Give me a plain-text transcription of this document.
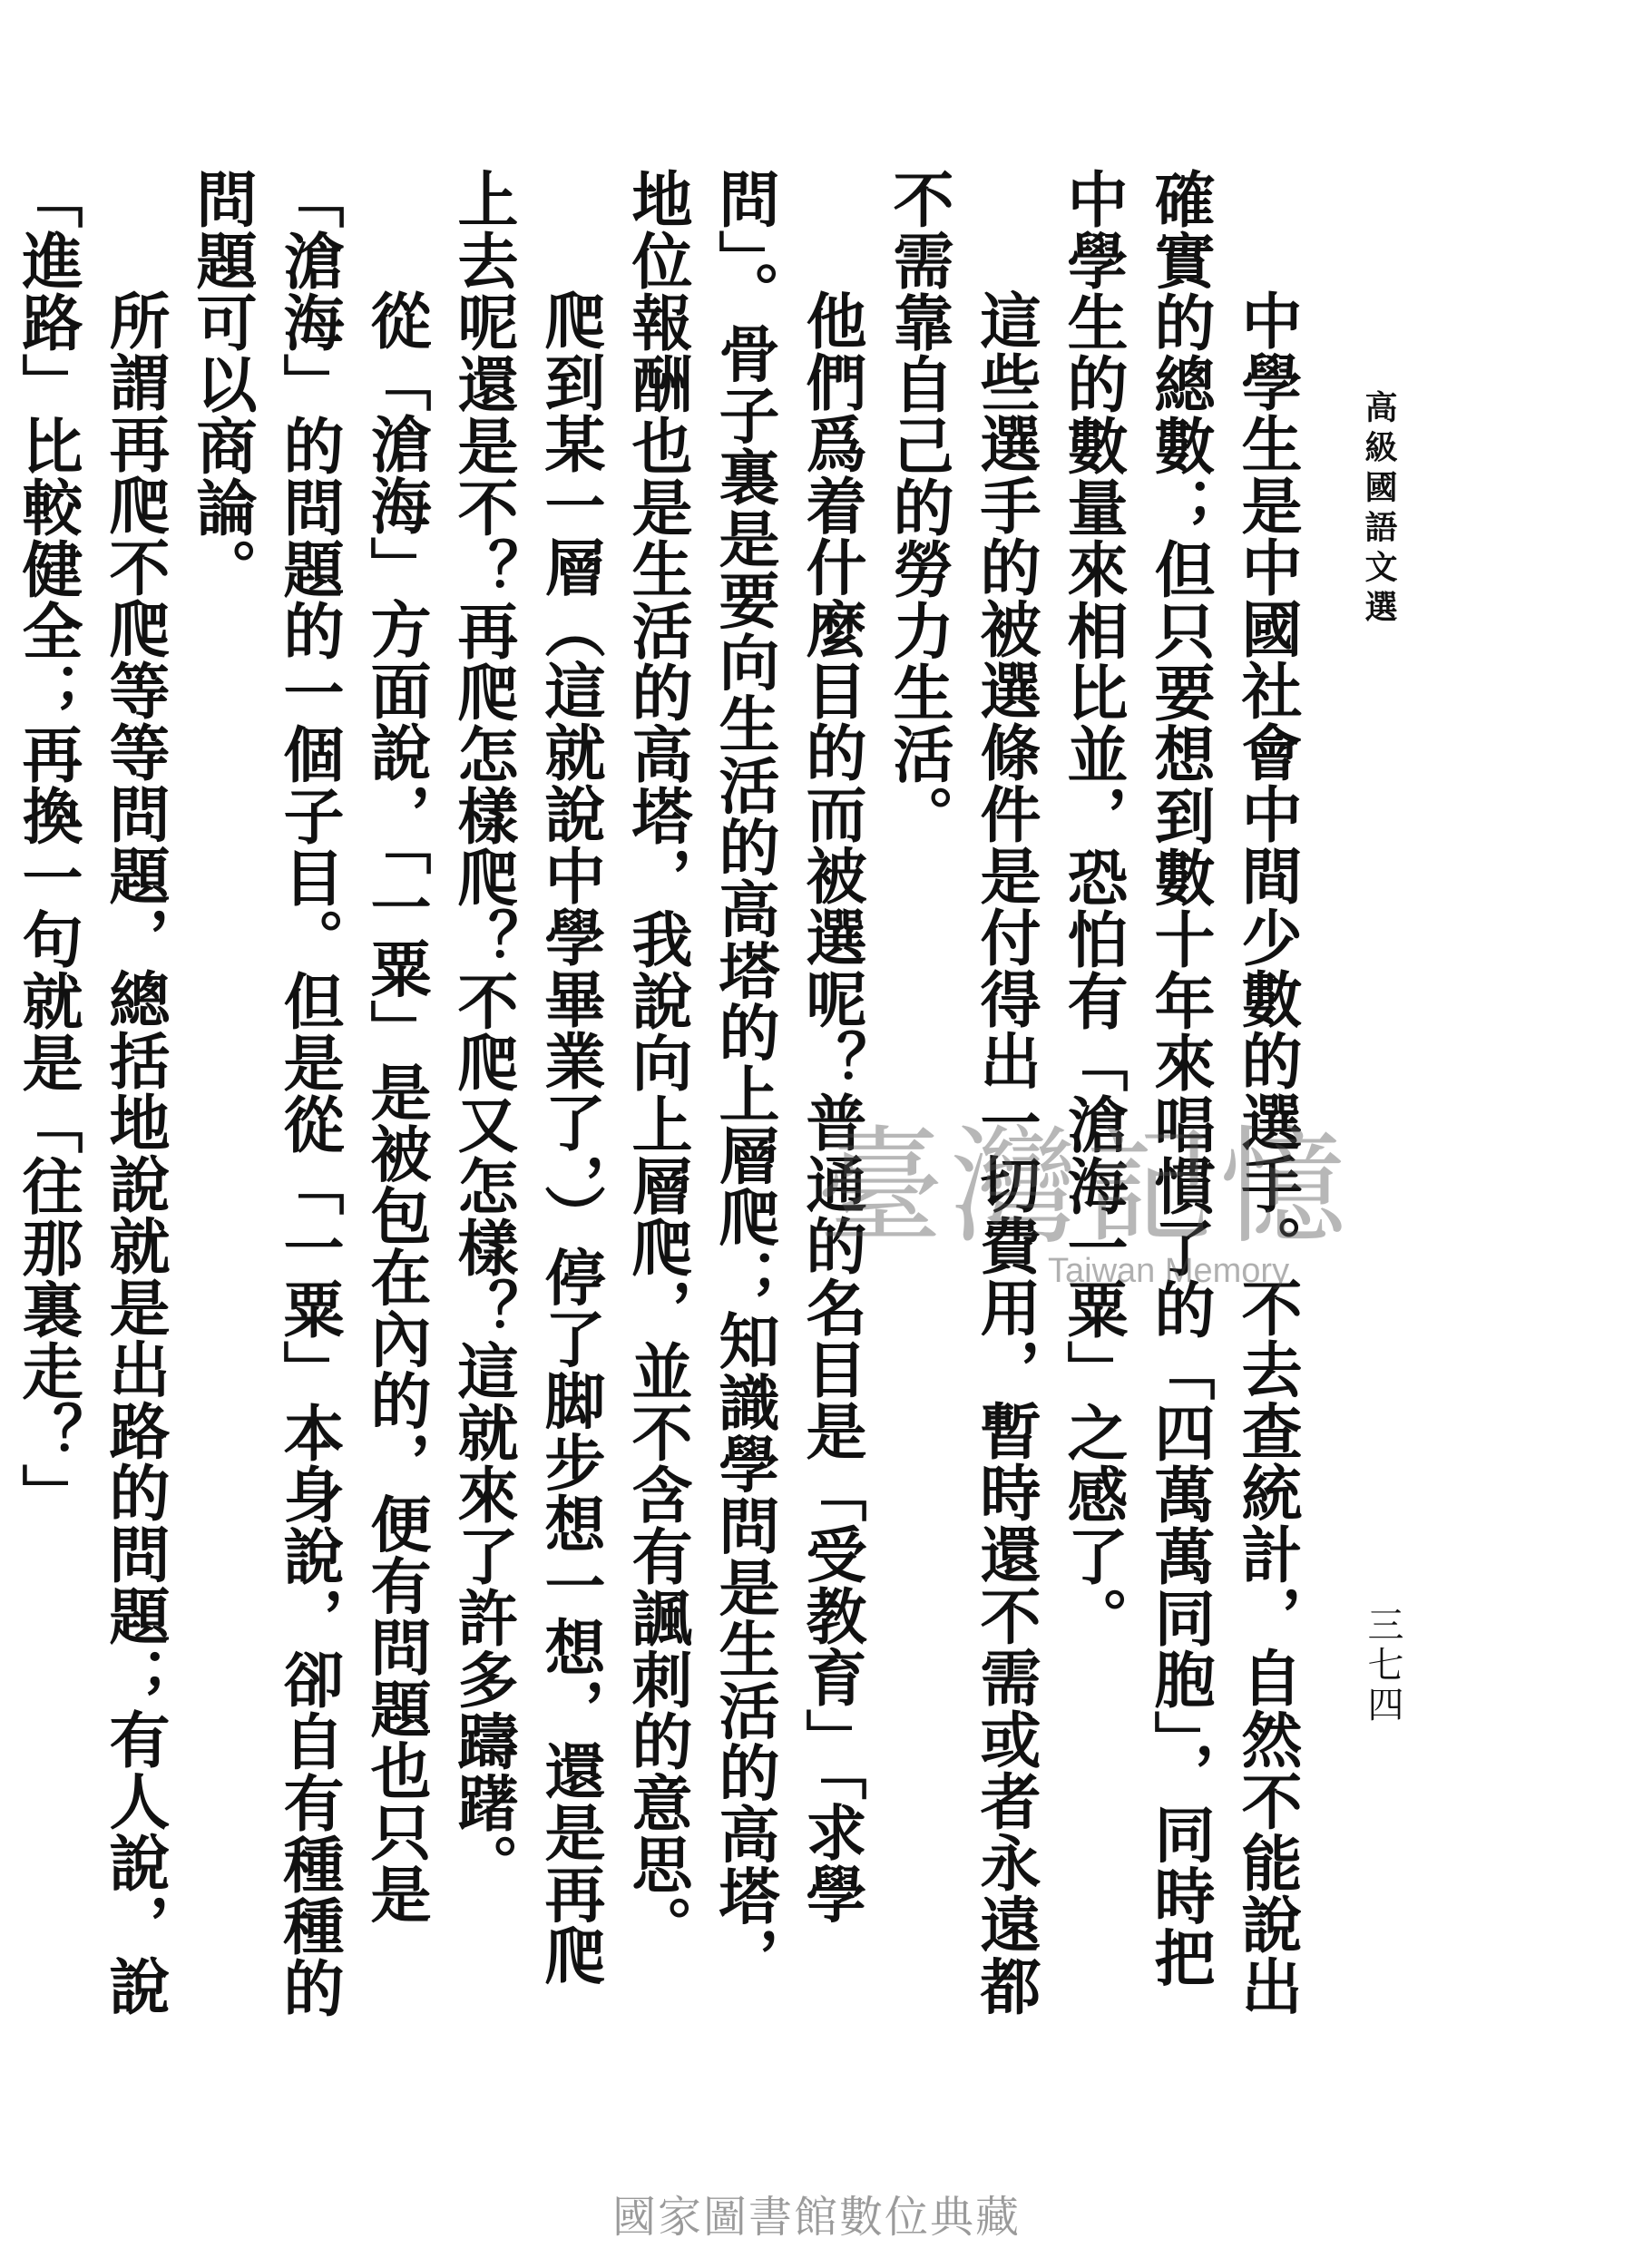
高級國語文選
三七四

中學生是中國社會中間少數的選手。不去查統計，自然不能說出確實的總數；但只要想到數十年來唱慣了的「四萬萬同胞」，同時把中學生的數量來相比並，恐怕有「滄海一粟」之感了。

這些選手的被選條件是付得出一切費用，暫時還不需或者永遠都不需靠自己的勞力生活。

他們爲着什麼目的而被選呢？普通的名目是「受教育」「求學問」。骨子裏是要向生活的高塔的上層爬；知識學問是生活的高塔，地位報酬也是生活的高塔，我說向上層爬，並不含有諷刺的意思。

爬到某一層（這就說中學畢業了，）停了脚步想一想，還是再爬上去呢還是不？再爬怎樣爬？不爬又怎樣？這就來了許多躊躇。

從「滄海」方面說，「一粟」是被包在內的，便有問題也只是「滄海」的問題的一個子目。但是從「一粟」本身說，卻自有種種的問題可以商論。

所謂再爬不爬等等問題，總括地說就是出路的問題；有人說，說「進路」比較健全；再換一句就是「往那裏走？」	臺灣記憶
Taiwan Memory
國家圖書館數位典藏
